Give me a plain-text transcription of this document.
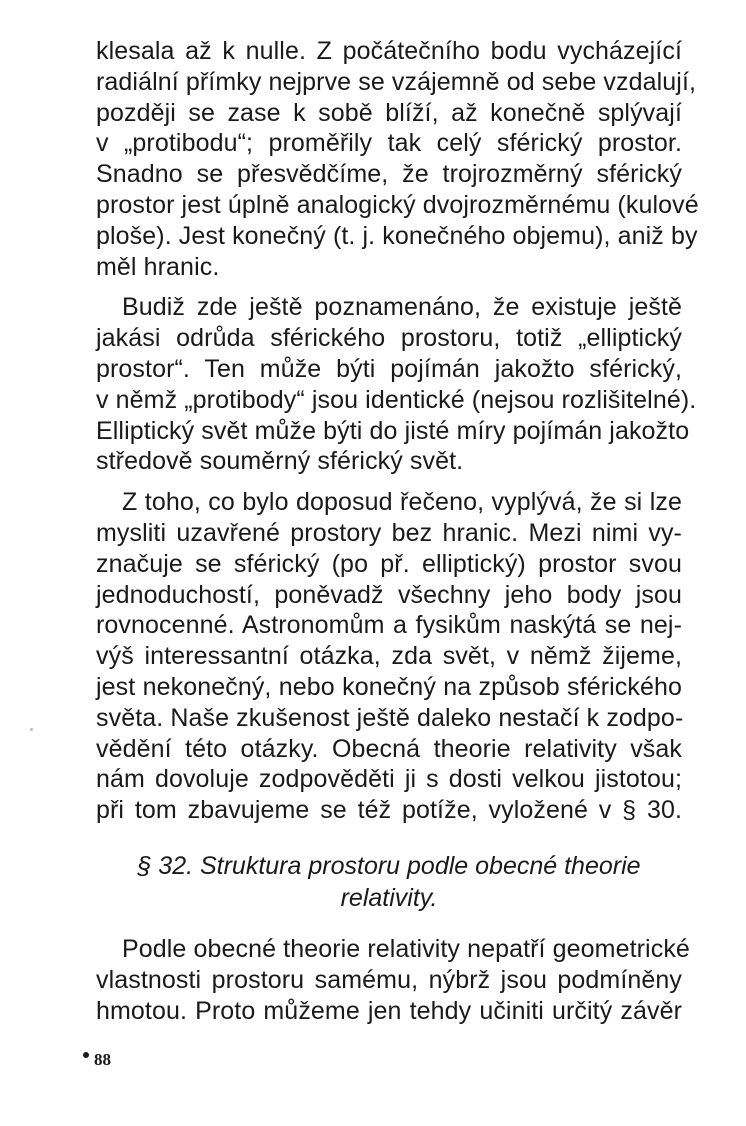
klesala až k nulle. Z počátečního bodu vycházející
radiální přímky nejprve se vzájemně od sebe vzdalují,
později se zase k sobě blíží, až konečně splývají
v „protibodu“; proměřily tak celý sférický prostor.
Snadno se přesvědčíme, že trojrozměrný sférický
prostor jest úplně analogický dvojrozměrnému (kulové
ploše). Jest konečný (t. j. konečného objemu), aniž by
měl hranic.
Budiž zde ještě poznamenáno, že existuje ještě
jakási odrůda sférického prostoru, totiž „elliptický
prostor“. Ten může býti pojímán jakožto sférický,
v němž „protibody“ jsou identické (nejsou rozlišitelné).
Elliptický svět může býti do jisté míry pojímán jakožto
středově souměrný sférický svět.
Z toho, co bylo doposud řečeno, vyplývá, že si lze
mysliti uzavřené prostory bez hranic. Mezi nimi vy-
značuje se sférický (po př. elliptický) prostor svou
jednoduchostí, poněvadž všechny jeho body jsou
rovnocenné. Astronomům a fysikům naskýtá se nej-
výš interessantní otázka, zda svět, v němž žijeme,
jest nekonečný, nebo konečný na způsob sférického
světa. Naše zkušenost ještě daleko nestačí k zodpo-
vědění této otázky. Obecná theorie relativity však
nám dovoluje zodpověděti ji s dosti velkou jistotou;
při tom zbavujeme se též potíže, vyložené v § 30.
§ 32. Struktura prostoru podle obecné theorie
relativity.
Podle obecné theorie relativity nepatří geometrické
vlastnosti prostoru samému, nýbrž jsou podmíněny
hmotou. Proto můžeme jen tehdy učiniti určitý závěr
88
